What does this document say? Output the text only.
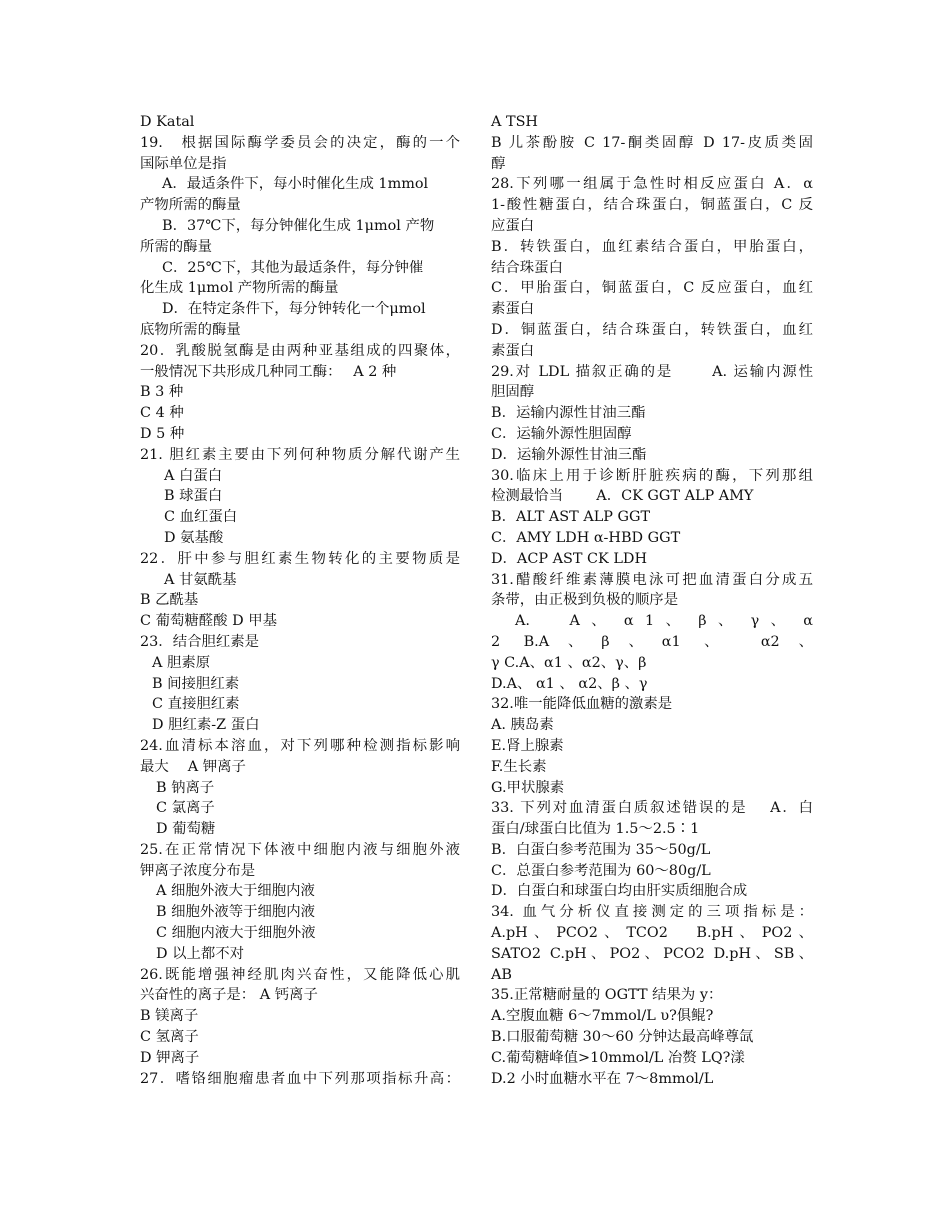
D Katal
19.　根据国际酶学委员会的决定，酶的一个
国际单位是指
A．最适条件下，每小时催化生成 1mmol
产物所需的酶量
B．37℃下，每分钟催化生成 1μmol 产物
所需的酶量
C．25℃下，其他为最适条件，每分钟催
化生成 1μmol 产物所需的酶量
D．在特定条件下，每分钟转化一个μmol
底物所需的酶量
20．乳酸脱氢酶是由两种亚基组成的四聚体，
一般情况下共形成几种同工酶：　 A 2 种
B 3 种
C 4 种
D 5 种
21. 胆红素主要由下列何种物质分解代谢产生
A 白蛋白
B 球蛋白
C 血红蛋白
D 氨基酸
22．肝中参与胆红素生物转化的主要物质是
A 甘氨酰基
B 乙酰基
C 葡萄糖醛酸 D 甲基
23．结合胆红素是
A 胆素原
B 间接胆红素
C 直接胆红素
D 胆红素-Z 蛋白
24.血清标本溶血，对下列哪种检测指标影响
最大　 A 钾离子
B 钠离子
C 氯离子
D 葡萄糖
25.在正常情况下体液中细胞内液与细胞外液
钾离子浓度分布是
A 细胞外液大于细胞内液
B 细胞外液等于细胞内液
C 细胞内液大于细胞外液
D 以上都不对
26.既能增强神经肌肉兴奋性，又能降低心肌
兴奋性的离子是： A 钙离子
B 镁离子
C 氢离子
D 钾离子
27．嗜铬细胞瘤患者血中下列那项指标升高：
A TSH
B 儿茶酚胺 C 17-酮类固醇 D 17-皮质类固
醇
28.下列哪一组属于急性时相反应蛋白 A．α
1-酸性糖蛋白，结合珠蛋白，铜蓝蛋白，C 反
应蛋白
B．转铁蛋白，血红素结合蛋白，甲胎蛋白，
结合珠蛋白
C．甲胎蛋白，铜蓝蛋白，C 反应蛋白，血红
素蛋白
D．铜蓝蛋白，结合珠蛋白，转铁蛋白，血红
素蛋白
29.对 LDL 描叙正确的是　　 A. 运输内源性
胆固醇
B．运输内源性甘油三酯
C．运输外源性胆固醇
D．运输外源性甘油三酯
30.临床上用于诊断肝脏疾病的酶，下列那组
检测最恰当　　 A．CK GGT ALP AMY
B．ALT AST ALP GGT
C．AMY LDH α-HBD GGT
D．ACP AST CK LDH
31.醋酸纤维素薄膜电泳可把血清蛋白分成五
条带，由正极到负极的顺序是
A.　 A 、 α 1 、 β 、 γ 、 α
2 B.A、β、α1 、 α2、
γ C.A、α1 、α2、γ、β
D.A、 α1 、 α2、β 、γ
32.唯一能降低血糖的激素是
A. 胰岛素
E.肾上腺素
F.生长素
G.甲状腺素
33. 下列对血清蛋白质叙述错误的是　 A．白
蛋白/球蛋白比值为 1.5～2.5∶1
B．白蛋白参考范围为 35～50g/L
C．总蛋白参考范围为 60～80g/L
D．白蛋白和球蛋白均由肝实质细胞合成
34. 血气分析仪直接测定的三项指标是：
A.pH 、 PCO2 、 TCO2 　 B.pH 、 PO2 、
SATO2 C.pH、PO2、PCO2 D.pH、SB、
AB
35.正常糖耐量的 OGTT 结果为 y：
A.空腹血糖 6～7mmol/L υ?俱鲲?
B.口服葡萄糖 30～60 分钟达最高峰尊氙
C.葡萄糖峰值>10mmol/L 冶赘 LQ?漾
D.2 小时血糖水平在 7～8mmol/L
